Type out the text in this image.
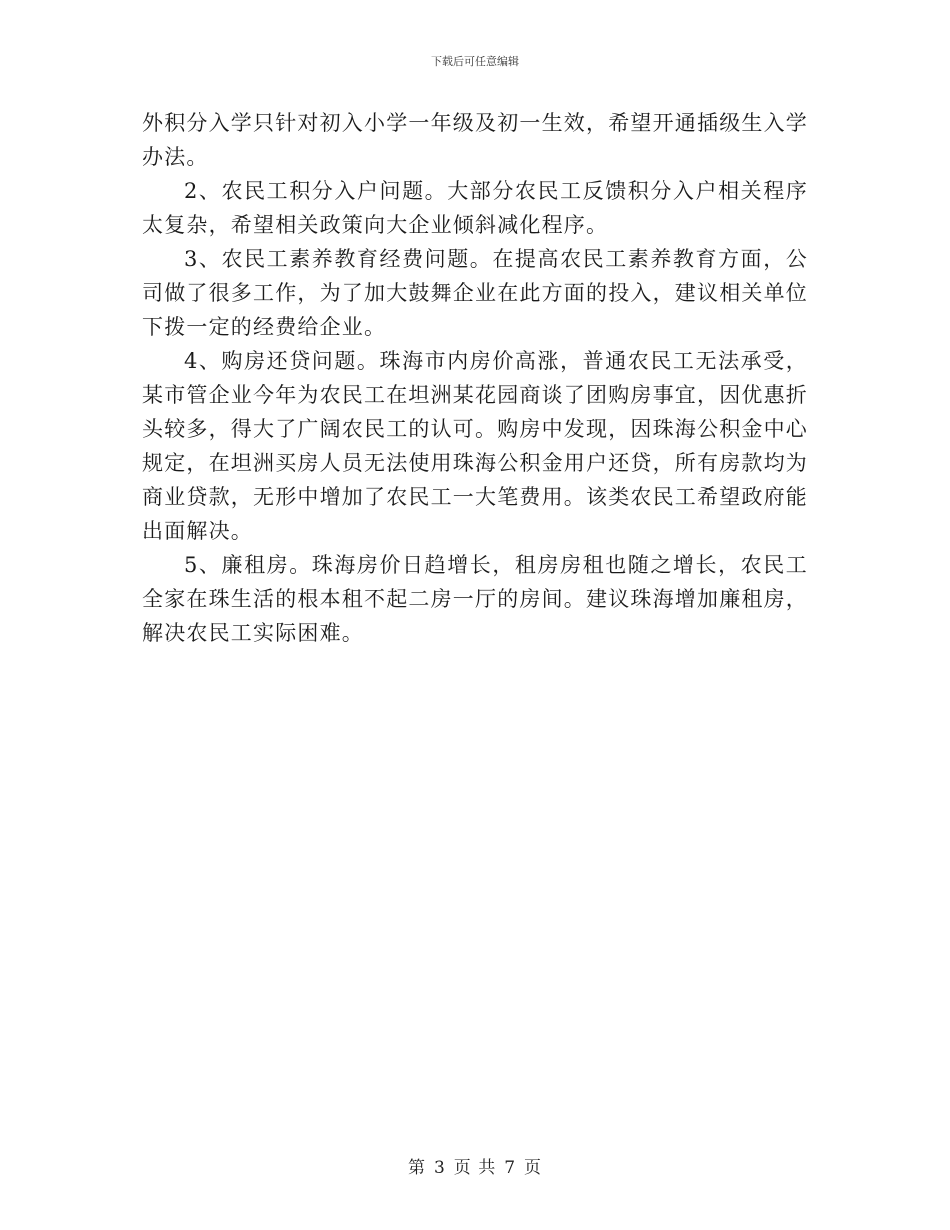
下载后可任意编辑

外积分入学只针对初入小学一年级及初一生效，希望开通插级生入学办法。

2、农民工积分入户问题。大部分农民工反馈积分入户相关程序太复杂，希望相关政策向大企业倾斜减化程序。

3、农民工素养教育经费问题。在提高农民工素养教育方面，公司做了很多工作，为了加大鼓舞企业在此方面的投入，建议相关单位下拨一定的经费给企业。

4、购房还贷问题。珠海市内房价高涨，普通农民工无法承受，某市管企业今年为农民工在坦洲某花园商谈了团购房事宜，因优惠折头较多，得大了广阔农民工的认可。购房中发现，因珠海公积金中心规定，在坦洲买房人员无法使用珠海公积金用户还贷，所有房款均为商业贷款，无形中增加了农民工一大笔费用。该类农民工希望政府能出面解决。

5、廉租房。珠海房价日趋增长，租房房租也随之增长，农民工全家在珠生活的根本租不起二房一厅的房间。建议珠海增加廉租房，解决农民工实际困难。

第 3 页 共 7 页
